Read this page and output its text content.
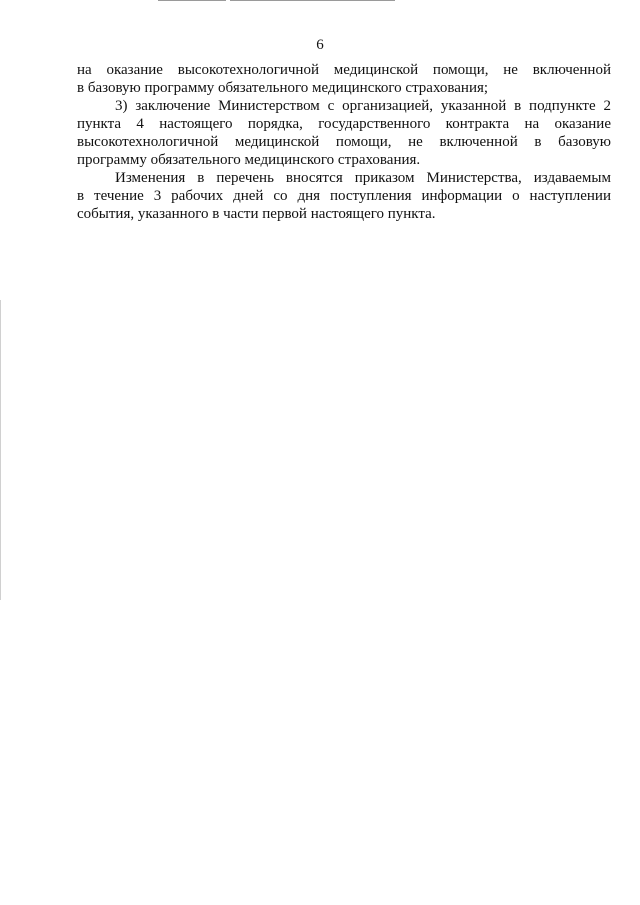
6
на оказание высокотехнологичной медицинской помощи, не включенной
в базовую программу обязательного медицинского страхования;
3) заключение Министерством с организацией, указанной в подпункте 2
пункта 4 настоящего порядка, государственного контракта на оказание
высокотехнологичной медицинской помощи, не включенной в базовую
программу обязательного медицинского страхования.
Изменения в перечень вносятся приказом Министерства, издаваемым
в течение 3 рабочих дней со дня поступления информации о наступлении
события, указанного в части первой настоящего пункта.
